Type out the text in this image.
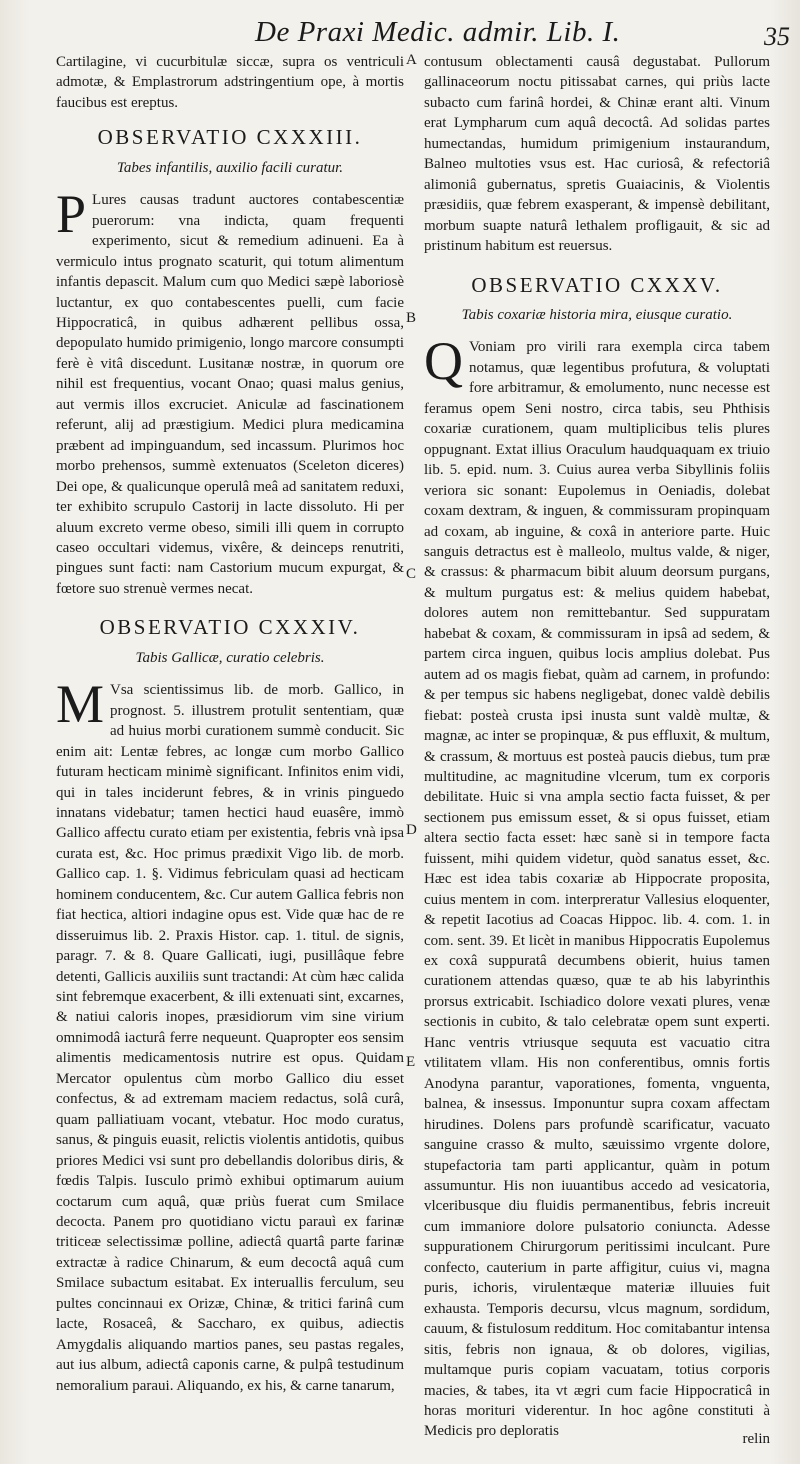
De Praxi Medic. admir. Lib. I.	35
A
B
C
D
E

Cartilagine, vi cucurbitulæ siccæ, supra os ventriculi admotæ, & Emplastrorum adstringentium ope, à mortis faucibus est ereptus.

OBSERVATIO CXXXIII.
Tabes infantilis, auxilio facili curatur.

P Lures causas tradunt auctores contabescentiæ puerorum: vna indicta, quam frequenti experimento, sicut & remedium adinueni. Ea à vermiculo intus prognato scaturit, qui totum alimentum infantis depascit. Malum cum quo Medici sæpè laboriosè luctantur, ex quo contabescentes puelli, cum facie Hippocraticâ, in quibus adhærent pellibus ossa, depopulato humido primigenio, longo marcore consumpti ferè è vitâ discedunt. Lusitanæ nostræ, in quorum ore nihil est frequentius, vocant Onao; quasi malus genius, aut vermis illos excruciet. Aniculæ ad fascinationem referunt, alij ad præstigium. Medici plura medicamina præbent ad impinguandum, sed incassum. Plurimos hoc morbo prehensos, summè extenuatos (Sceleton diceres) Dei ope, & qualicunque operulâ meâ ad sanitatem reduxi, ter exhibito scrupulo Castorij in lacte dissoluto. Hi per aluum excreto verme obeso, simili illi quem in corrupto caseo occultari videmus, vixêre, & deinceps renutriti, pingues sunt facti: nam Castorium mucum expurgat, & fœtore suo strenuè vermes necat.

OBSERVATIO CXXXIV.
Tabis Gallicæ, curatio celebris.

M Vsa scientissimus lib. de morb. Gallico, in prognost. 5. illustrem protulit sententiam, quæ ad huius morbi curationem summè conducit. Sic enim ait: Lentæ febres, ac longæ cum morbo Gallico futuram hecticam minimè significant. Infinitos enim vidi, qui in tales inciderunt febres, & in vrinis pinguedo innatans videbatur; tamen hectici haud euasêre, immò Gallico affectu curato etiam per existentia, febris vnà ipsa curata est, &c. Hoc primus prædixit Vigo lib. de morb. Gallico cap. 1. §. Vidimus febriculam quasi ad hecticam hominem conducentem, &c. Cur autem Gallica febris non fiat hectica, altiori indagine opus est. Vide quæ hac de re disseruimus lib. 2. Praxis Histor. cap. 1. titul. de signis, paragr. 7. & 8. Quare Gallicati, iugi, pusillâque febre detenti, Gallicis auxiliis sunt tractandi: At cùm hæc calida sint febremque exacerbent, & illi extenuati sint, excarnes, & natiui caloris inopes, præsidiorum vim sine virium omnimodâ iacturâ ferre nequeunt. Quapropter eos sensim alimentis medicamentosis nutrire est opus. Quidam Mercator opulentus cùm morbo Gallico diu esset confectus, & ad extremam maciem redactus, solâ curâ, quam palliatiuam vocant, vtebatur. Hoc modo curatus, sanus, & pinguis euasit, relictis violentis antidotis, quibus priores Medici vsi sunt pro debellandis doloribus diris, & fœdis Talpis. Iusculo primò exhibui optimarum auium coctarum cum aquâ, quæ priùs fuerat cum Smilace decocta. Panem pro quotidiano victu parauì ex farinæ triticeæ selectissimæ polline, adiectâ quartâ parte farinæ extractæ à radice Chinarum, & eum decoctâ aquâ cum Smilace subactum esitabat. Ex interuallis ferculum, seu pultes concinnaui ex Orizæ, Chinæ, & tritici farinâ cum lacte, Rosaceâ, & Saccharo, ex quibus, adiectis Amygdalis aliquando martios panes, seu pastas regales, aut ius album, adiectâ caponis carne, & pulpâ testudinum nemoralium paraui. Aliquando, ex his, & carne tanarum,

contusum oblectamenti causâ degustabat. Pullorum gallinaceorum noctu pitissabat carnes, qui priùs lacte subacto cum farinâ hordei, & Chinæ erant alti. Vinum erat Lympharum cum aquâ decoctâ. Ad solidas partes humectandas, humidum primigenium instaurandum, Balneo multoties vsus est. Hac curiosâ, & refectoriâ alimoniâ gubernatus, spretis Guaiacinis, & Violentis præsidiis, quæ febrem exasperant, & impensè debilitant, morbum suapte naturâ lethalem profligauit, & sic ad pristinum habitum est reuersus.

OBSERVATIO CXXXV.
Tabis coxariæ historia mira, eiusque curatio.

Q Voniam pro virili rara exempla circa tabem notamus, quæ legentibus profutura, & voluptati fore arbitramur, & emolumento, nunc necesse est feramus opem Seni nostro, circa tabis, seu Phthisis coxariæ curationem, quam multiplicibus telis plures oppugnant. Extat illius Oraculum haudquaquam ex triuio lib. 5. epid. num. 3. Cuius aurea verba Sibyllinis foliis veriora sic sonant: Eupolemus in Oeniadis, dolebat coxam dextram, & inguen, & commissuram propinquam ad coxam, ab inguine, & coxâ in anteriore parte. Huic sanguis detractus est è malleolo, multus valde, & niger, & crassus: & pharmacum bibit aluum deorsum purgans, & multum purgatus est: & melius quidem habebat, dolores autem non remittebantur. Sed suppuratam habebat & coxam, & commissuram in ipsâ ad sedem, & partem circa inguen, quibus locis amplius dolebat. Pus autem ad os magis fiebat, quàm ad carnem, in profundo: & per tempus sic habens negligebat, donec valdè debilis fiebat: posteà crusta ipsi inusta sunt valdè multæ, & magnæ, ac inter se propinquæ, & pus effluxit, & multum, & crassum, & mortuus est posteà paucis diebus, tum præ multitudine, ac magnitudine vlcerum, tum ex corporis debilitate. Huic si vna ampla sectio facta fuisset, & per sectionem pus emissum esset, & si opus fuisset, etiam altera sectio facta esset: hæc sanè si in tempore facta fuissent, mihi quidem videtur, quòd sanatus esset, &c. Hæc est idea tabis coxariæ ab Hippocrate proposita, cuius mentem in com. interpreratur Vallesius eloquenter, & repetit Iacotius ad Coacas Hippoc. lib. 4. com. 1. in com. sent. 39. Et licèt in manibus Hippocratis Eupolemus ex coxâ suppuratâ decumbens obierit, huius tamen curationem attendas quæso, quæ te ab his labyrinthis prorsus extricabit. Ischiadico dolore vexati plures, venæ sectionis in cubito, & talo celebratæ opem sunt experti. Hanc ventris vtriusque sequuta est vacuatio citra vtilitatem vllam. His non conferentibus, omnis fortis Anodyna parantur, vaporationes, fomenta, vnguenta, balnea, & insessus. Imponuntur supra coxam affectam hirudines. Dolens pars profundè scarificatur, vacuato sanguine crasso & multo, sæuissimo vrgente dolore, stupefactoria tam parti applicantur, quàm in potum assumuntur. His non iuuantibus accedo ad vesicatoria, vlceribusque diu fluidis permanentibus, febris increuit cum immaniore dolore pulsatorio coniuncta. Adesse suppurationem Chirurgorum peritissimi inculcant. Pure confecto, cauterium in parte affigitur, cuius vi, magna puris, ichoris, virulentæque materiæ illuuies fuit exhausta. Temporis decursu, vlcus magnum, sordidum, cauum, & fistulosum redditum. Hoc comitabantur intensa sitis, febris non ignaua, & ob dolores, vigilias, multamque puris copiam vacuatam, totius corporis macies, & tabes, ita vt ægri cum facie Hippocraticâ in horas morituri viderentur. In hoc agône constituti à Medicis pro deploratis	relin
